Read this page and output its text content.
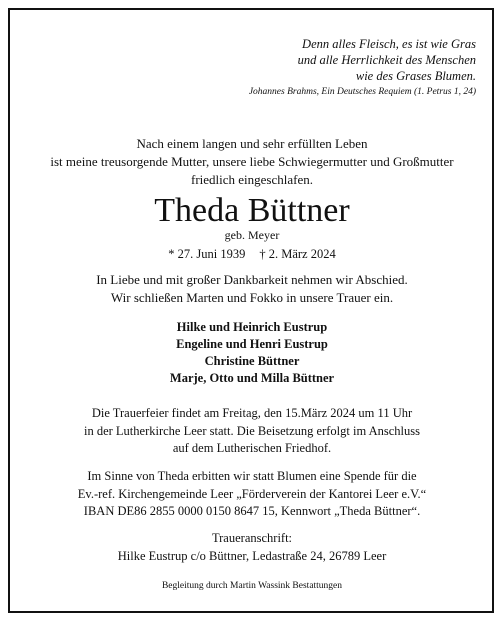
Denn alles Fleisch, es ist wie Gras
und alle Herrlichkeit des Menschen
wie des Grases Blumen.
Johannes Brahms, Ein Deutsches Requiem (1. Petrus 1, 24)
Nach einem langen und sehr erfüllten Leben
ist meine treusorgende Mutter, unsere liebe Schwiegermutter und Großmutter
friedlich eingeschlafen.
Theda Büttner
geb. Meyer
* 27. Juni 1939 † 2. März 2024
In Liebe und mit großer Dankbarkeit nehmen wir Abschied.
Wir schließen Marten und Fokko in unsere Trauer ein.
Hilke und Heinrich Eustrup
Engeline und Henri Eustrup
Christine Büttner
Marje, Otto und Milla Büttner
Die Trauerfeier findet am Freitag, den 15.März 2024 um 11 Uhr
in der Lutherkirche Leer statt. Die Beisetzung erfolgt im Anschluss
auf dem Lutherischen Friedhof.
Im Sinne von Theda erbitten wir statt Blumen eine Spende für die
Ev.-ref. Kirchengemeinde Leer „Förderverein der Kantorei Leer e.V.“
IBAN DE86 2855 0000 0150 8647 15, Kennwort „Theda Büttner“.
Traueranschrift:
Hilke Eustrup c/o Büttner, Ledastraße 24, 26789 Leer
Begleitung durch Martin Wassink Bestattungen
